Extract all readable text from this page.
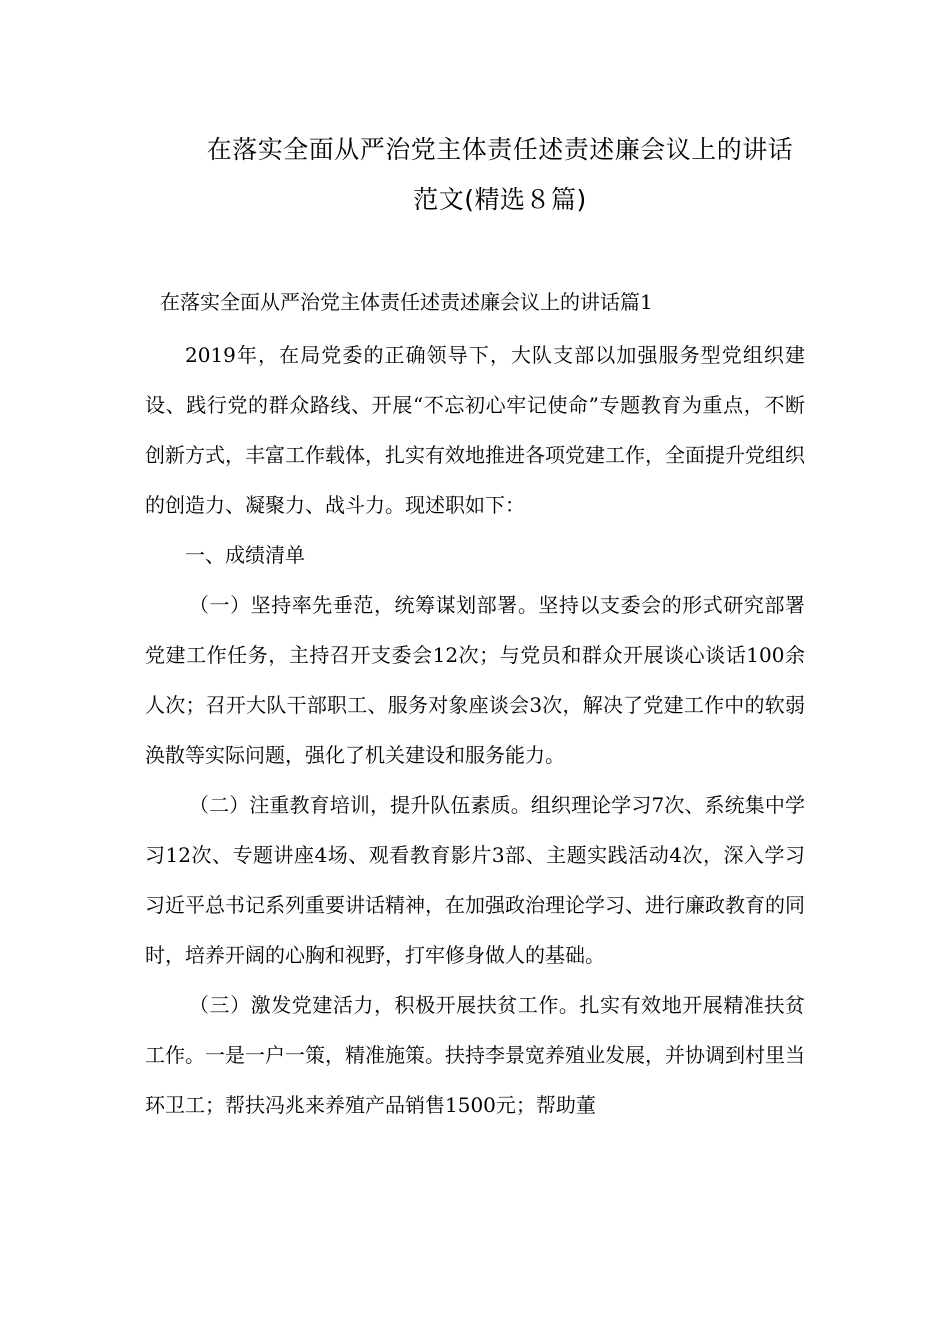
在落实全面从严治党主体责任述责述廉会议上的讲话
范文(精选８篇)
在落实全面从严治党主体责任述责述廉会议上的讲话篇1

2019年，在局党委的正确领导下，大队支部以加强服务型党组织建设、践行党的群众路线、开展“不忘初心牢记使命”专题教育为重点，不断创新方式，丰富工作载体，扎实有效地推进各项党建工作，全面提升党组织的创造力、凝聚力、战斗力。现述职如下：

一、成绩清单

（一）坚持率先垂范，统筹谋划部署。坚持以支委会的形式研究部署党建工作任务，主持召开支委会12次；与党员和群众开展谈心谈话100余人次；召开大队干部职工、服务对象座谈会3次，解决了党建工作中的软弱涣散等实际问题，强化了机关建设和服务能力。

（二）注重教育培训，提升队伍素质。组织理论学习7次、系统集中学习12次、专题讲座4场、观看教育影片3部、主题实践活动4次，深入学习习近平总书记系列重要讲话精神，在加强政治理论学习、进行廉政教育的同时，培养开阔的心胸和视野，打牢修身做人的基础。

（三）激发党建活力，积极开展扶贫工作。扎实有效地开展精准扶贫工作。一是一户一策，精准施策。扶持李景宽养殖业发展，并协调到村里当环卫工；帮扶冯兆来养殖产品销售1500元；帮助董
